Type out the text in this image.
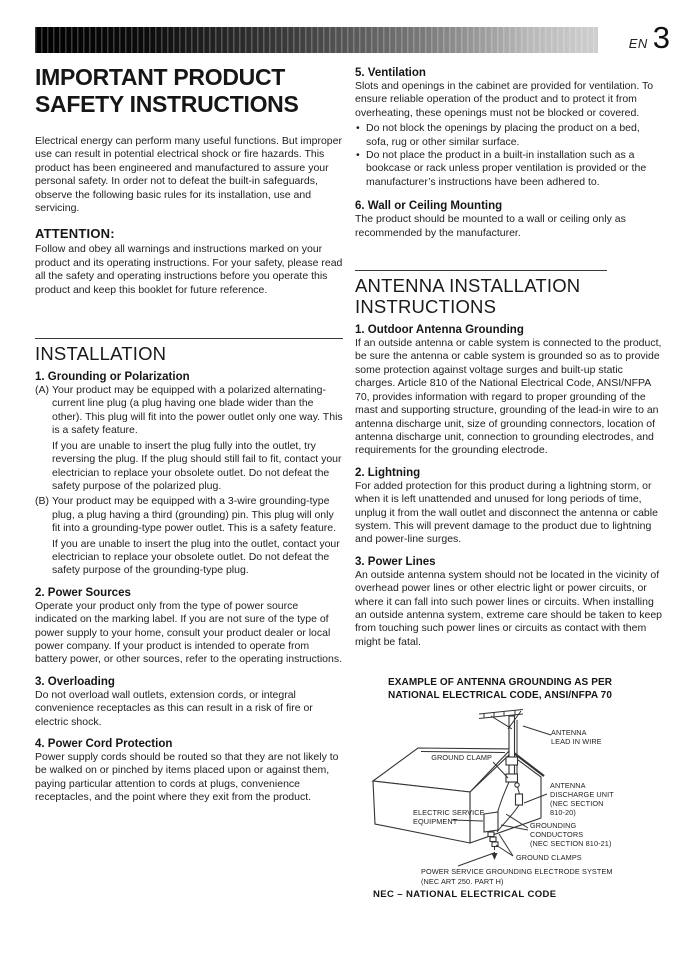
EN 3
IMPORTANT PRODUCT SAFETY INSTRUCTIONS

Electrical energy can perform many useful functions. But improper use can result in potential electrical shock or fire hazards. This product has been engineered and manufactured to assure your personal safety. In order not to defeat the built-in safeguards, observe the following basic rules for its installation, use and servicing.

ATTENTION:

Follow and obey all warnings and instructions marked on your product and its operating instructions. For your safety, please read all the safety and operating instructions before you operate this product and keep this booklet for future reference.

INSTALLATION
1. Grounding or Polarization
(A) Your product may be equipped with a polarized alternating-current line plug (a plug having one blade wider than the other). This plug will fit into the power outlet only one way. This is a safety feature.

If you are unable to insert the plug fully into the outlet, try reversing the plug. If the plug should still fail to fit, contact your electrician to replace your obsolete outlet. Do not defeat the safety purpose of the polarized plug.

(B) Your product may be equipped with a 3-wire grounding-type plug, a plug having a third (grounding) pin. This plug will only fit into a grounding-type power outlet. This is a safety feature.

If you are unable to insert the plug into the outlet, contact your electrician to replace your obsolete outlet. Do not defeat the safety purpose of the grounding-type plug.

2. Power Sources

Operate your product only from the type of power source indicated on the marking label. If you are not sure of the type of power supply to your home, consult your product dealer or local power company. If your product is intended to operate from battery power, or other sources, refer to the operating instructions.

3. Overloading

Do not overload wall outlets, extension cords, or integral convenience receptacles as this can result in a risk of fire or electric shock.

4. Power Cord Protection

Power supply cords should be routed so that they are not likely to be walked on or pinched by items placed upon or against them, paying particular attention to cords at plugs, convenience receptacles, and the point where they exit from the product.

5. Ventilation

Slots and openings in the cabinet are provided for ventilation. To ensure reliable operation of the product and to protect it from overheating, these openings must not be blocked or covered.

• Do not block the openings by placing the product on a bed, sofa, rug or other similar surface.
• Do not place the product in a built-in installation such as a bookcase or rack unless proper ventilation is provided or the manufacturer’s instructions have been adhered to.
6. Wall or Ceiling Mounting

The product should be mounted to a wall or ceiling only as recommended by the manufacturer.

ANTENNA INSTALLATION INSTRUCTIONS
1. Outdoor Antenna Grounding

If an outside antenna or cable system is connected to the product, be sure the antenna or cable system is grounded so as to provide some protection against voltage surges and built-up static charges. Article 810 of the National Electrical Code, ANSI/NFPA 70, provides information with regard to proper grounding of the mast and supporting structure, grounding of the lead-in wire to an antenna discharge unit, size of grounding connectors, location of antenna discharge unit, connection to grounding electrodes, and requirements for the grounding electrode.

2. Lightning

For added protection for this product during a lightning storm, or when it is left unattended and unused for long periods of time, unplug it from the wall outlet and disconnect the antenna or cable system. This will prevent damage to the product due to lightning and power-line surges.

3. Power Lines

An outside antenna system should not be located in the vicinity of overhead power lines or other electric light or power circuits, or where it can fall into such power lines or circuits. When installing an outside antenna system, extreme care should be taken to keep from touching such power lines or circuits as contact with them might be fatal.

EXAMPLE OF ANTENNA GROUNDING AS PER
NATIONAL ELECTRICAL CODE, ANSI/NFPA 70
ANTENNA
LEAD IN WIRE
GROUND CLAMP
ANTENNA
DISCHARGE UNIT
(NEC SECTION
810-20)
ELECTRIC SERVICE
EQUIPMENT	GROUNDING
CONDUCTORS
(NEC SECTION 810-21)
GROUND CLAMPS
POWER SERVICE GROUNDING ELECTRODE SYSTEM
(NEC ART 250. PART H)
NEC – NATIONAL ELECTRICAL CODE
